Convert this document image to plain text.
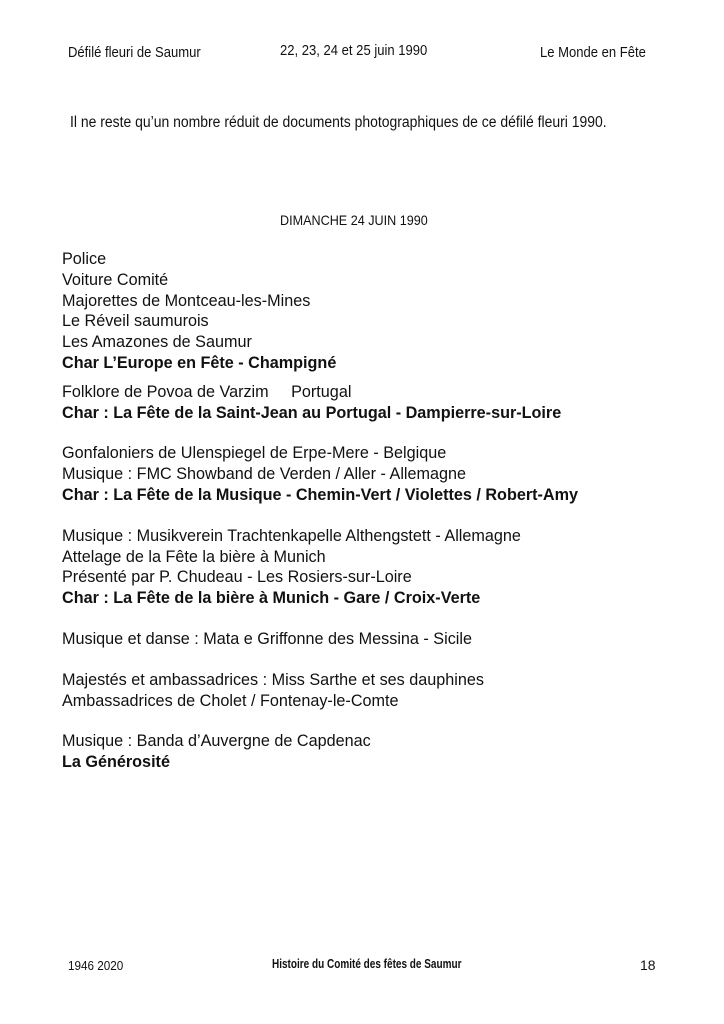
Défilé fleuri de Saumur	22, 23, 24 et 25 juin 1990	Le Monde en Fête
Il ne reste qu’un nombre réduit de documents photographiques de ce défilé fleuri 1990.
DIMANCHE 24 JUIN 1990
Police
Voiture Comité
Majorettes de Montceau-les-Mines
Le Réveil saumurois
Les Amazones de Saumur
Char L’Europe en Fête - Champigné
Folklore de Povoa de Varzim     Portugal
Char : La Fête de la Saint-Jean au Portugal - Dampierre-sur-Loire
Gonfaloniers de Ulenspiegel de Erpe-Mere - Belgique
Musique : FMC Showband de Verden / Aller - Allemagne
Char : La Fête de la Musique - Chemin-Vert / Violettes / Robert-Amy
Musique : Musikverein Trachtenkapelle Althengstett - Allemagne
Attelage de la Fête la bière à Munich
Présenté par P. Chudeau - Les Rosiers-sur-Loire
Char : La Fête de la bière à Munich - Gare / Croix-Verte
Musique et danse : Mata e Griffonne des Messina - Sicile
Majestés et ambassadrices : Miss Sarthe et ses dauphines
Ambassadrices de Cholet / Fontenay-le-Comte
Musique : Banda d’Auvergne de Capdenac
La Générosité
1946 2020	Histoire du Comité des fêtes de Saumur	18
